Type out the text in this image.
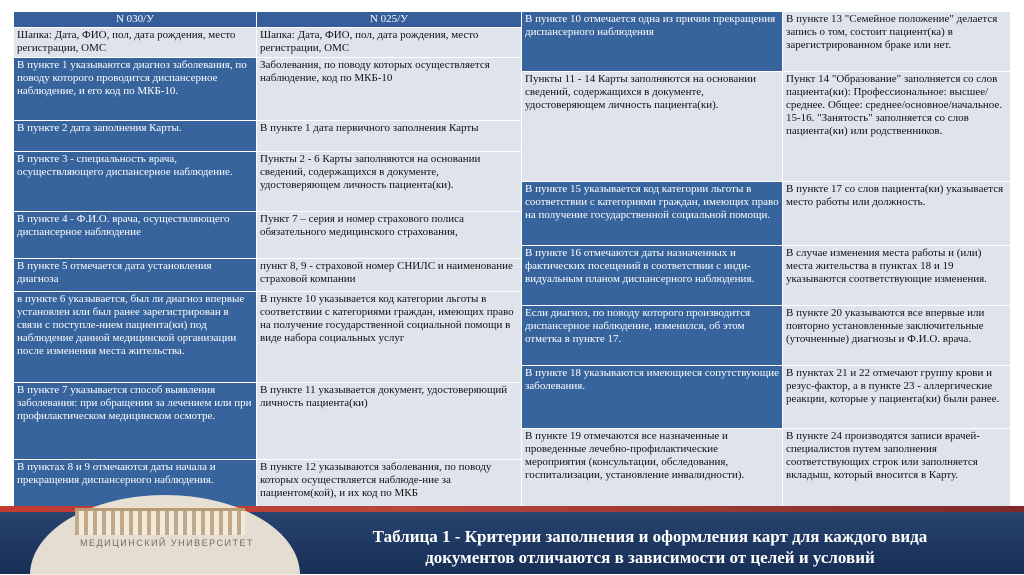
N 030/У
Шапка: Дата, ФИО, пол, дата рождения, место регистрации, ОМС
В пункте 1 указываются диагноз заболевания, по поводу которого проводится диспансерное наблюдение, и его код по МКБ-10.
В пункте 2 дата заполнения Карты.
В пункте 3 - специальность врача, осуществляющего диспансерное наблюдение.
В пункте 4 - Ф.И.О. врача, осуществляющего диспансерное наблюдение
В пункте 5 отмечается дата установления диагноза
в пункте 6 указывается, был ли диагноз впервые установлен или был ранее зарегистрирован в связи с поступле-нием пациента(ки) под наблюдение данной медицинской организации после изменения места жительства.
В пункте 7 указывается способ выявления заболевания: при обращении за лечением или при профилактическом медицинском осмотре.
В пунктах 8 и 9 отмечаются даты начала и прекращения диспансерного наблюдения.
N 025/У
Шапка: Дата, ФИО, пол, дата рождения, место регистрации, ОМС
Заболевания, по поводу которых осуществляется наблюдение, код по МКБ-10
В пункте 1 дата первичного заполнения Карты
Пункты 2 - 6 Карты заполняются на основании сведений, содержащихся в документе, удостоверяющем личность пациента(ки).
Пункт 7 – серия и номер страхового полиса обязательного медицинского страхования,
пункт 8, 9 - страховой номер СНИЛС и наименование страховой компании
В пункте 10 указывается код категории льготы в соответствии с категориями граждан, имеющих право на получение государственной социальной помощи в виде набора социальных услуг
В пункте 11 указывается документ, удостоверяющий личность пациента(ки)
В пункте 12 указываются заболевания, по поводу которых осуществляется наблюде-ние за пациентом(кой), и их код по МКБ
В пункте 10 отмечается одна из причин прекращения диспансерного наблюдения
Пункты 11 - 14 Карты заполняются на основании сведений, содержащихся в документе, удостоверяющем личность пациента(ки).
В пункте 15 указывается код категории льготы в соответствии с категориями граждан, имеющих право на получение государственной социальной помощи.
В пункте 16 отмечаются даты назначенных и фактических посещений в соответствии с инди-видуальным планом диспансерного наблюдения.
Если диагноз, по поводу которого производится диспансерное наблюдение, изменился, об этом отметка в пункте 17.
В пункте 18 указываются имеющиеся сопутствующие заболевания.
В пункте 19 отмечаются все назначенные и проведенные лечебно-профилактические мероприятия (консультации, обследования, госпитализации, установление инвалидности).
В пункте 13 "Семейное положение" делается запись о том, состоит пациент(ка) в зарегистрированном браке или нет.
Пункт 14 "Образование" заполняется со слов пациента(ки): Профессиональное: высшее/среднее. Общее: среднее/основное/начальное. 15-16. "Занятость" заполняется со слов пациента(ки) или родственников.
В пункте 17 со слов пациента(ки) указывается место работы или должность.
В случае изменения места работы и (или) места жительства в пунктах 18 и 19 указываются соответствующие изменения.
В пункте 20 указываются все впервые или повторно установленные заключительные (уточненные) диагнозы и Ф.И.О. врача.
В пунктах 21 и 22 отмечают группу крови и резус-фактор, а в пункте 23 - аллергические реакции, которые у пациента(ки) были ранее.
В пункте 24 производятся записи врачей-специалистов путем заполнения соответствующих строк или заполняется вкладыш, который вносится в Карту.
МЕДИЦИНСКИЙ УНИВЕРСИТЕТ	Таблица 1 - Критерии заполнения и оформления карт для каждого вида
документов отличаются в зависимости от целей и условий
